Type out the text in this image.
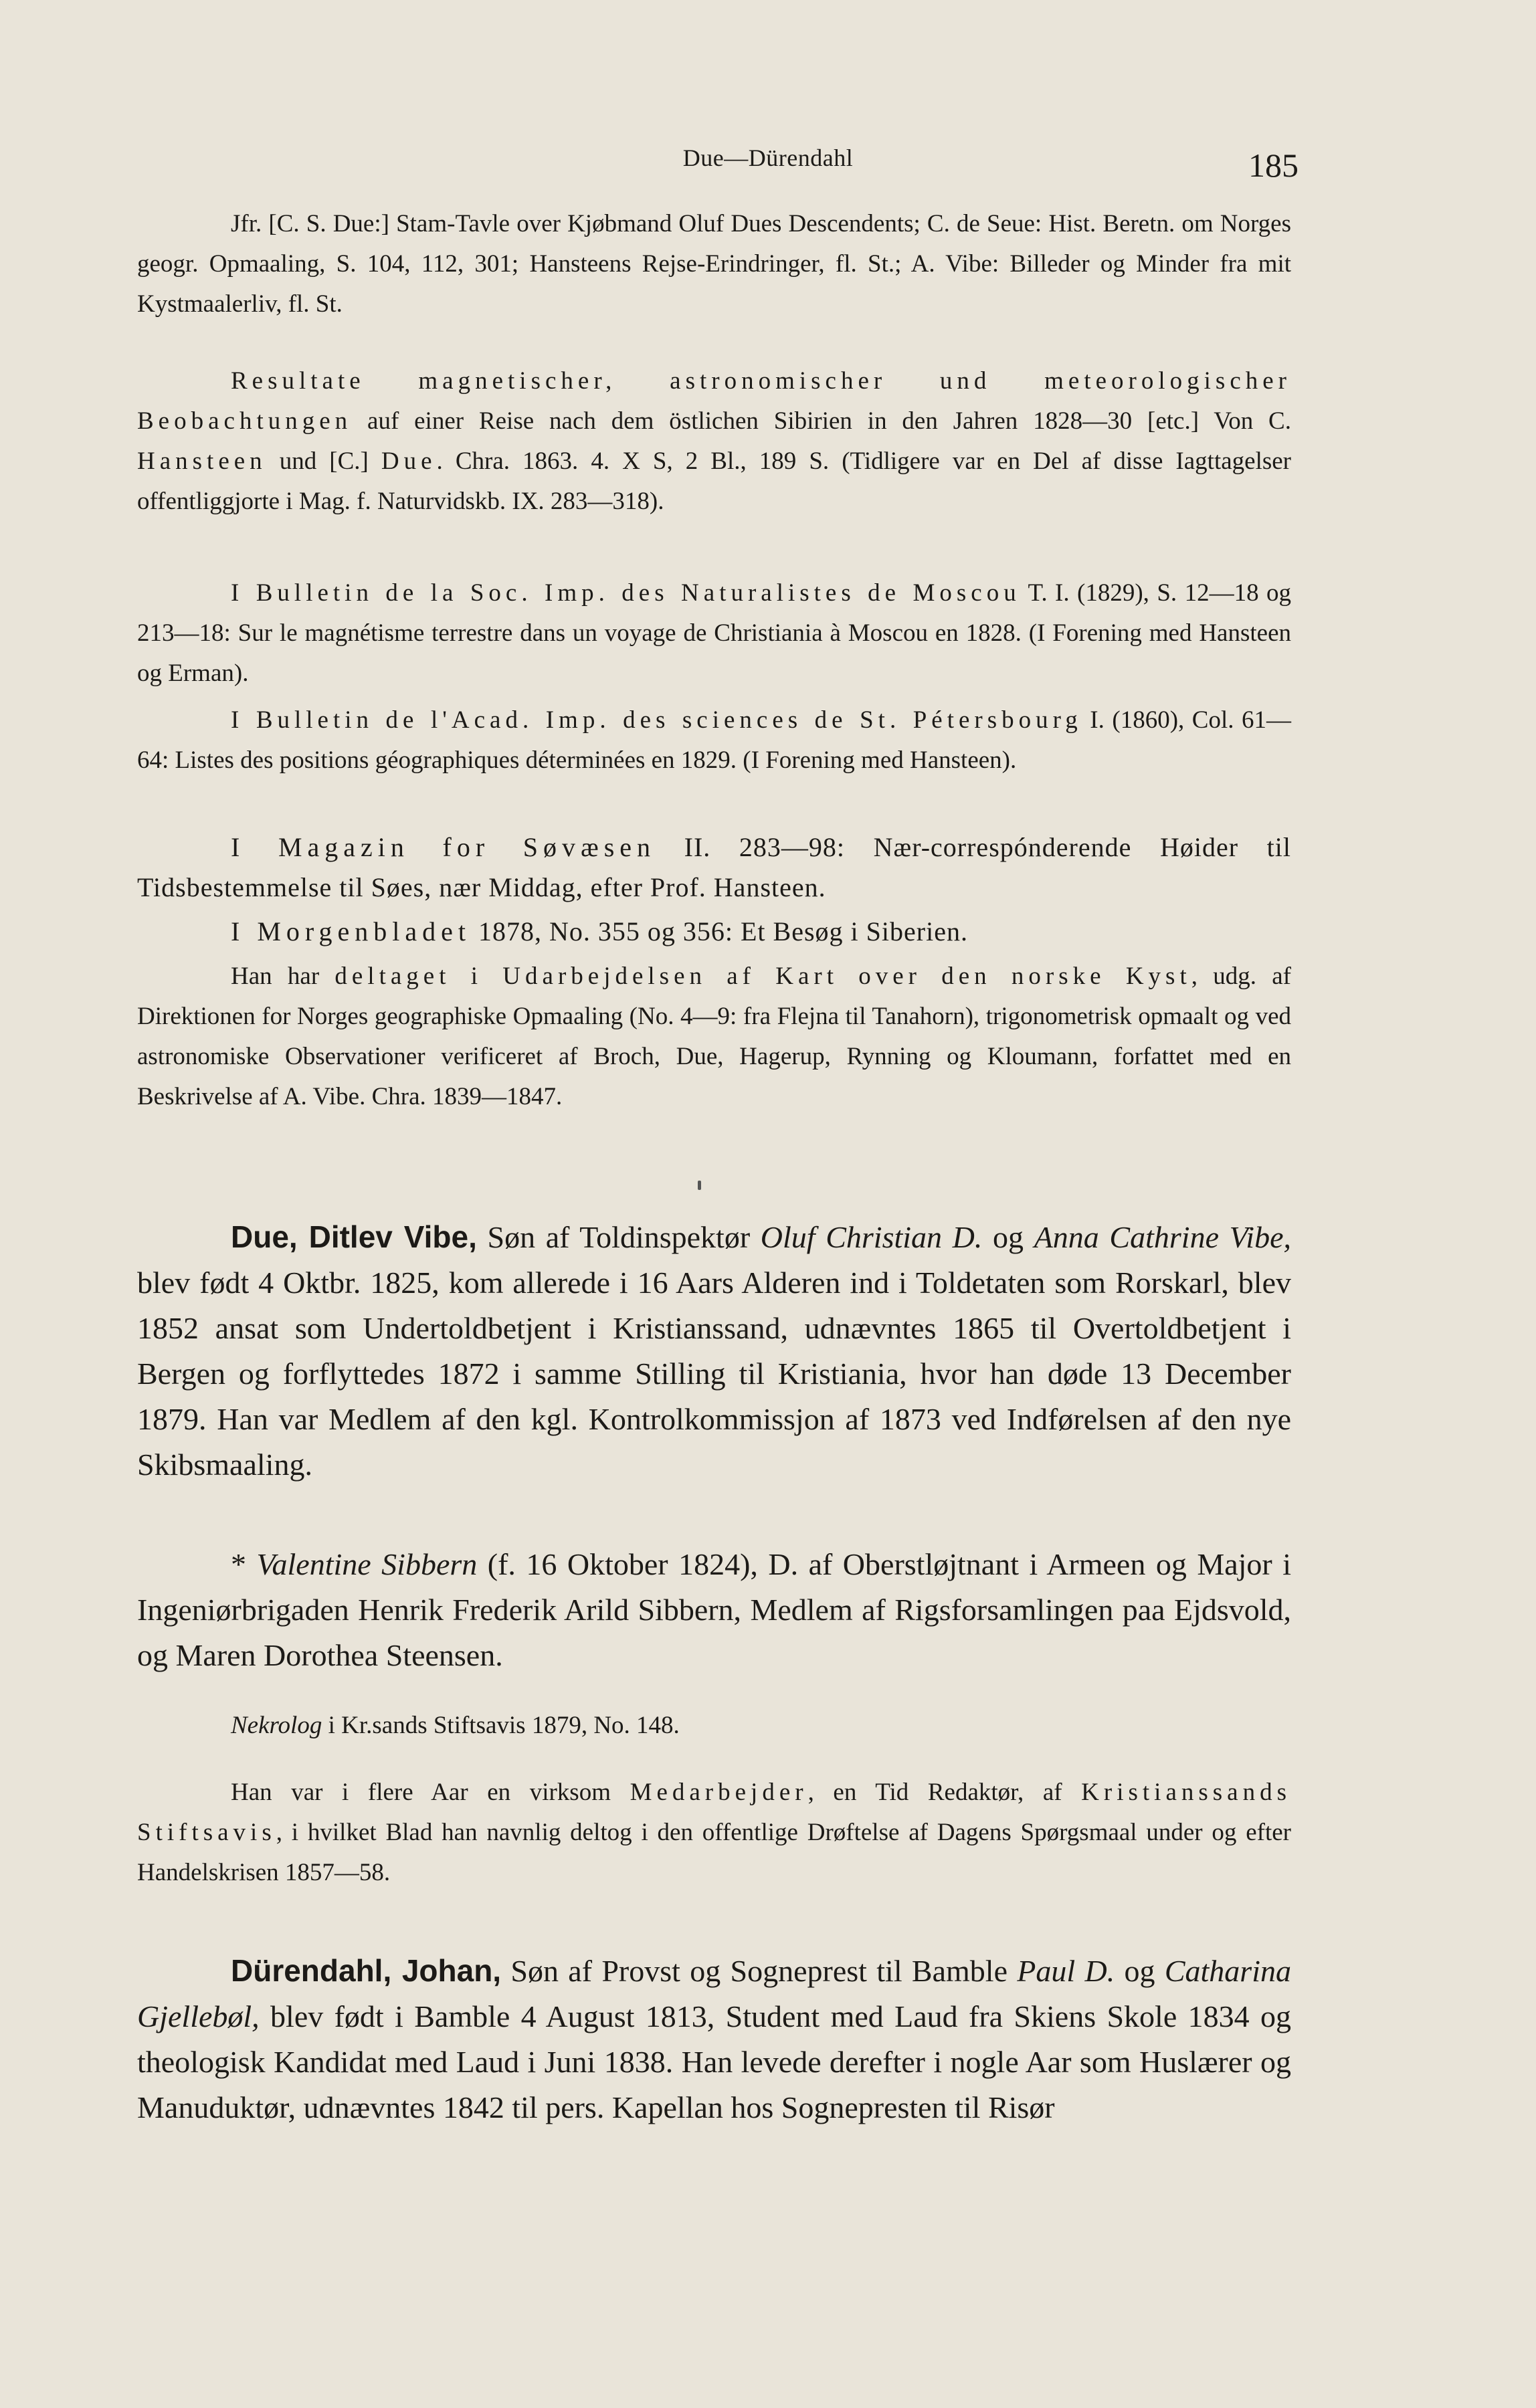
Due—Dürendahl	185

Jfr. [C. S. Due:] Stam-Tavle over Kjøbmand Oluf Dues Descendents; C. de Seue: Hist. Beretn. om Norges geogr. Opmaaling, S. 104, 112, 301; Hansteens Rejse-Erindringer, fl. St.; A. Vibe: Billeder og Minder fra mit Kystmaalerliv, fl. St.

Resultate magnetischer, astronomischer und meteorologischer Beobachtungen auf einer Reise nach dem östlichen Sibirien in den Jahren 1828—30 [etc.] Von C. Hansteen und [C.] Due. Chra. 1863. 4. X S, 2 Bl., 189 S. (Tidligere var en Del af disse Iagttagelser offentliggjorte i Mag. f. Naturvidskb. IX. 283—318).

I Bulletin de la Soc. Imp. des Naturalistes de Moscou T. I. (1829), S. 12—18 og 213—18: Sur le magnétisme terrestre dans un voyage de Christiania à Moscou en 1828. (I Forening med Hansteen og Erman).

I Bulletin de l'Acad. Imp. des sciences de St. Pétersbourg I. (1860), Col. 61—64: Listes des positions géographiques déterminées en 1829. (I Forening med Hansteen).

I Magazin for Søvæsen II. 283—98: Nær-correspónderende Høider til Tidsbestemmelse til Søes, nær Middag, efter Prof. Hansteen.

I Morgenbladet 1878, No. 355 og 356: Et Besøg i Siberien.

Han har deltaget i Udarbejdelsen af Kart over den norske Kyst, udg. af Direktionen for Norges geographiske Opmaaling (No. 4—9: fra Flejna til Tanahorn), trigonometrisk opmaalt og ved astronomiske Observationer verificeret af Broch, Due, Hagerup, Rynning og Kloumann, forfattet med en Beskrivelse af A. Vibe. Chra. 1839—1847.

Due, Ditlev Vibe, Søn af Toldinspektør Oluf Christian D. og Anna Cathrine Vibe, blev født 4 Oktbr. 1825, kom allerede i 16 Aars Alderen ind i Toldetaten som Rorskarl, blev 1852 ansat som Undertoldbetjent i Kristianssand, udnævntes 1865 til Overtoldbetjent i Bergen og forflyttedes 1872 i samme Stilling til Kristiania, hvor han døde 13 December 1879. Han var Medlem af den kgl. Kontrolkommissjon af 1873 ved Indførelsen af den nye Skibsmaaling.

* Valentine Sibbern (f. 16 Oktober 1824), D. af Oberstløjtnant i Armeen og Major i Ingeniørbrigaden Henrik Frederik Arild Sibbern, Medlem af Rigsforsamlingen paa Ejdsvold, og Maren Dorothea Steensen.

Nekrolog i Kr.sands Stiftsavis 1879, No. 148.

Han var i flere Aar en virksom Medarbejder, en Tid Redaktør, af Kristianssands Stiftsavis, i hvilket Blad han navnlig deltog i den offentlige Drøftelse af Dagens Spørgsmaal under og efter Handelskrisen 1857—58.

Dürendahl, Johan, Søn af Provst og Sogneprest til Bamble Paul D. og Catharina Gjellebøl, blev født i Bamble 4 August 1813, Student med Laud fra Skiens Skole 1834 og theologisk Kandidat med Laud i Juni 1838. Han levede derefter i nogle Aar som Huslærer og Manuduktør, udnævntes 1842 til pers. Kapellan hos Sognepresten til Risør
